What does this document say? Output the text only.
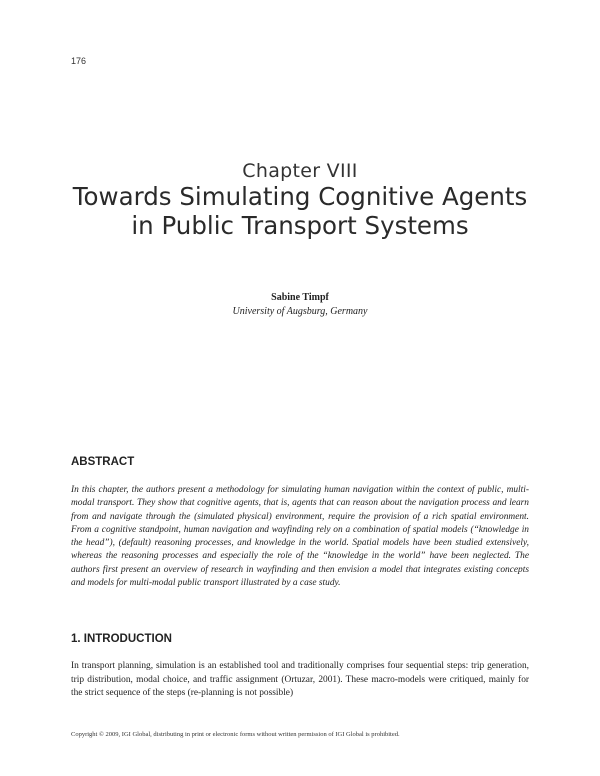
176
Chapter VIII
Towards Simulating Cognitive Agents in Public Transport Systems
Sabine Timpf
University of Augsburg, Germany
ABSTRACT

In this chapter, the authors present a methodology for simulating human navigation within the context of public, multi-modal transport. They show that cognitive agents, that is, agents that can reason about the navigation process and learn from and navigate through the (simulated physical) environment, require the provision of a rich spatial environment. From a cognitive standpoint, human navigation and wayfinding rely on a combination of spatial models (“knowledge in the head”), (default) reasoning processes, and knowledge in the world. Spatial models have been studied extensively, whereas the reasoning processes and especially the role of the “knowledge in the world” have been neglected. The authors first present an overview of research in wayfinding and then envision a model that integrates existing concepts and models for multi-modal public transport illustrated by a case study.

1. INTRODUCTION

In transport planning, simulation is an established tool and traditionally comprises four sequential steps: trip generation, trip distribution, modal choice, and traffic assignment (Ortuzar, 2001). These macro-models were critiqued, mainly for the strict sequence of the steps (re-planning is not possible)

Copyright © 2009, IGI Global, distributing in print or electronic forms without written permission of IGI Global is prohibited.
